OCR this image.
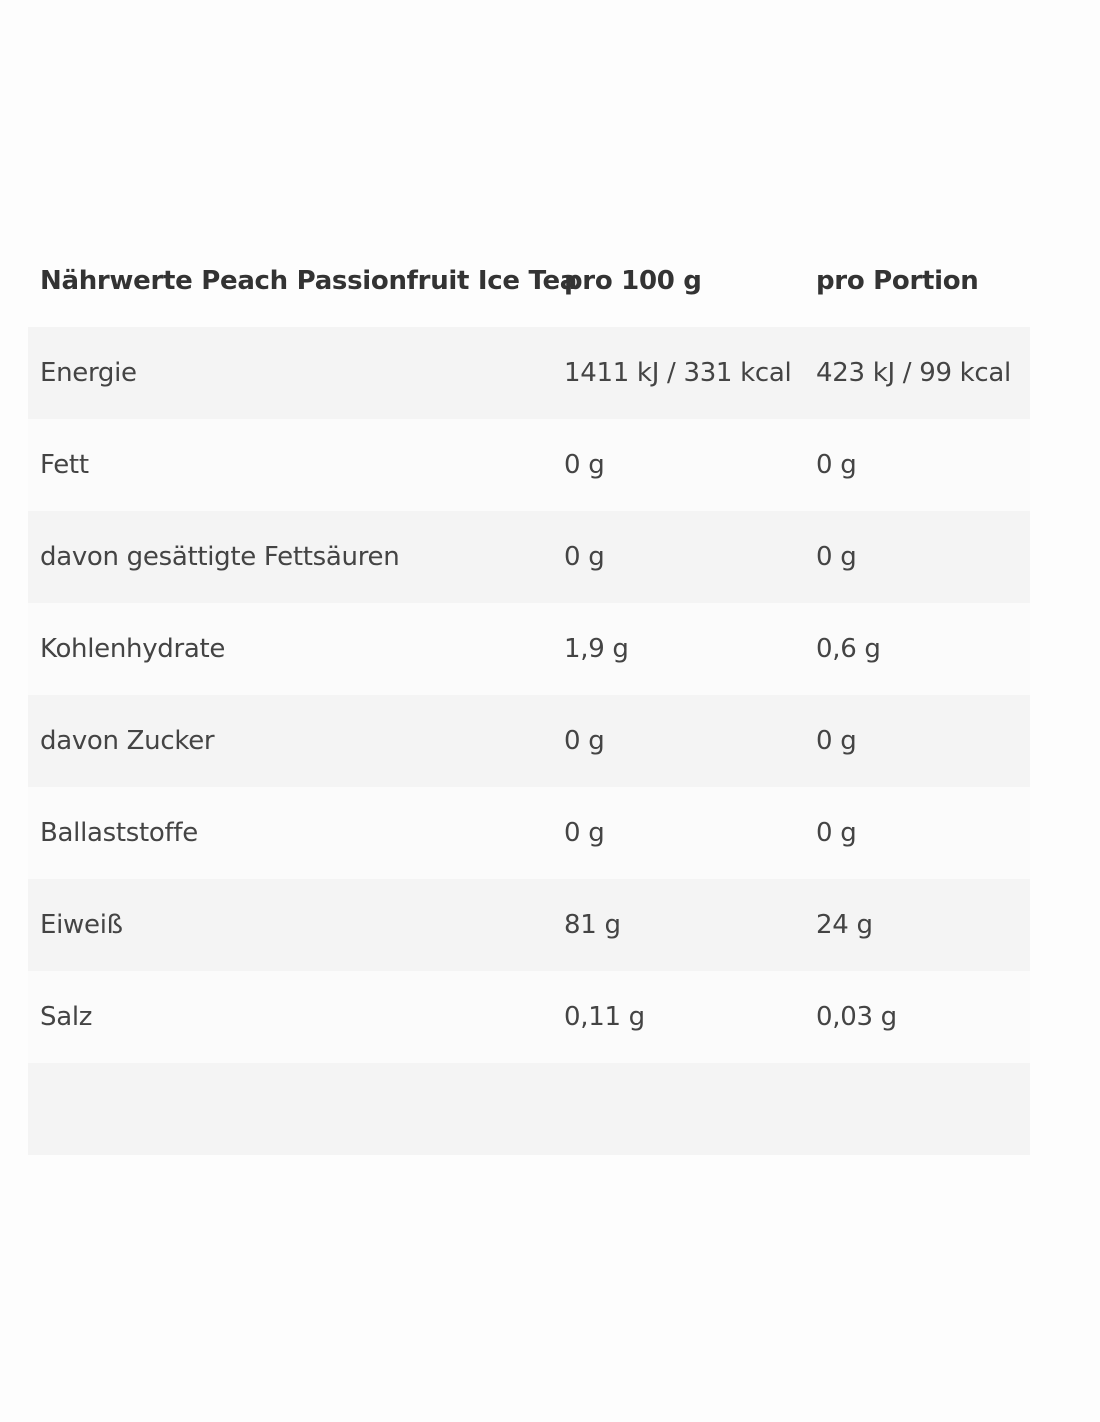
Nährwerte Peach Passionfruit Ice Tea	pro 100 g	pro Portion
Energie	1411 kJ / 331 kcal	423 kJ / 99 kcal
Fett	0 g	0 g
davon gesättigte Fettsäuren	0 g	0 g
Kohlenhydrate	1,9 g	0,6 g
davon Zucker	0 g	0 g
Ballaststoffe	0 g	0 g
Eiweiß	81 g	24 g
Salz	0,11 g	0,03 g
